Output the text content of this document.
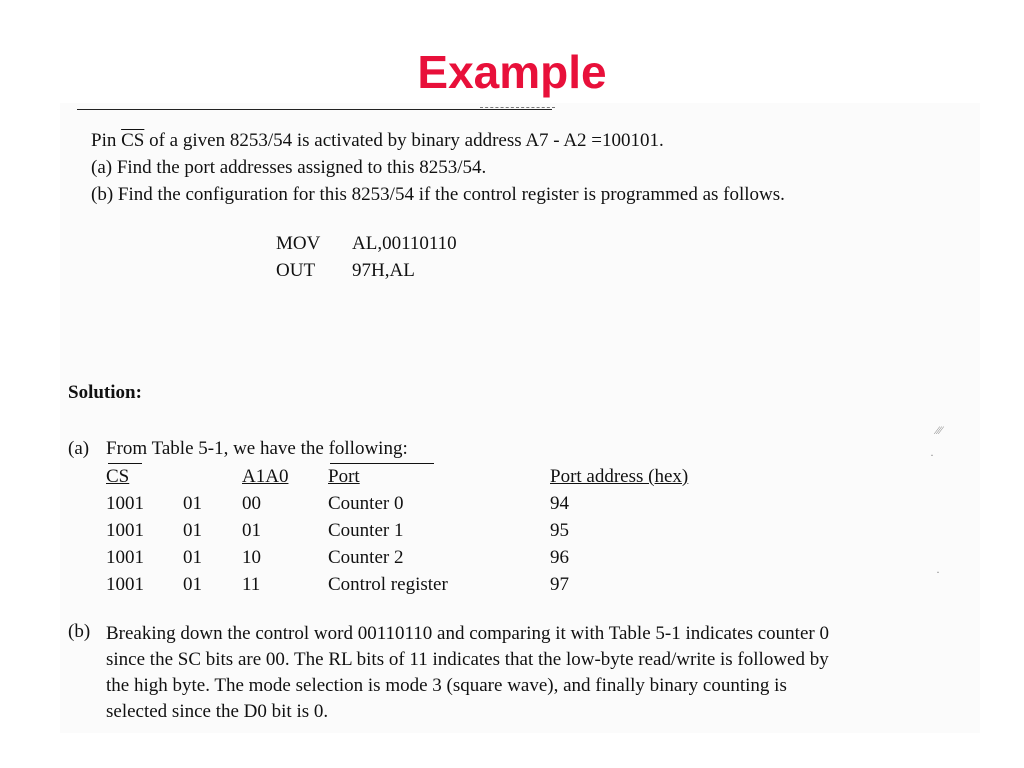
Example
Pin $\overline{CS}$ of a given 8253/54 is activated by binary address A7 - A2 =100101.
(a) Find the port addresses assigned to this 8253/54.
(b) Find the configuration for this 8253/54 if the control register is programmed as follows.
MOV	AL,00110110
OUT	97H,AL
Solution:
(a) From Table 5-1, we have the following:
CS	A1A0 Port	Port address (hex)
1001 01 00	Counter 0	94
1001 01 01	Counter 1	95
1001 01 10	Counter 2	96
1001 01 11	Control register	97
(b) Breaking down the control word 00110110 and comparing it with Table 5-1 indicates counter 0
since the SC bits are 00. The RL bits of 11 indicates that the low-byte read/write is followed by
the high byte. The mode selection is mode 3 (square wave), and finally binary counting is
selected since the D0 bit is 0.
⁄⁄⁄
·
·
